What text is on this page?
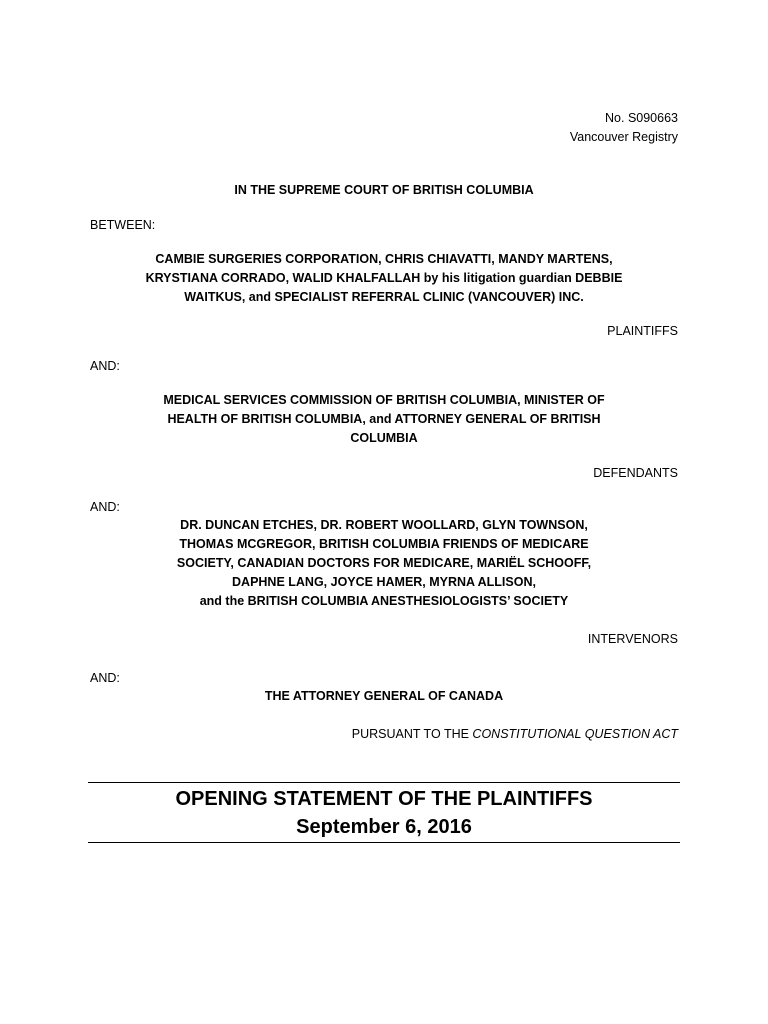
No. S090663
Vancouver Registry
IN THE SUPREME COURT OF BRITISH COLUMBIA
BETWEEN:
CAMBIE SURGERIES CORPORATION, CHRIS CHIAVATTI, MANDY MARTENS,
KRYSTIANA CORRADO, WALID KHALFALLAH by his litigation guardian DEBBIE
WAITKUS, and SPECIALIST REFERRAL CLINIC (VANCOUVER) INC.
PLAINTIFFS
AND:
MEDICAL SERVICES COMMISSION OF BRITISH COLUMBIA, MINISTER OF
HEALTH OF BRITISH COLUMBIA, and ATTORNEY GENERAL OF BRITISH
COLUMBIA
DEFENDANTS
AND:
DR. DUNCAN ETCHES, DR. ROBERT WOOLLARD, GLYN TOWNSON,
THOMAS MCGREGOR, BRITISH COLUMBIA FRIENDS OF MEDICARE
SOCIETY, CANADIAN DOCTORS FOR MEDICARE, MARIËL SCHOOFF,
DAPHNE LANG, JOYCE HAMER, MYRNA ALLISON,
and the BRITISH COLUMBIA ANESTHESIOLOGISTS’ SOCIETY
INTERVENORS
AND:
THE ATTORNEY GENERAL OF CANADA
PURSUANT TO THE CONSTITUTIONAL QUESTION ACT
OPENING STATEMENT OF THE PLAINTIFFS
September 6, 2016
